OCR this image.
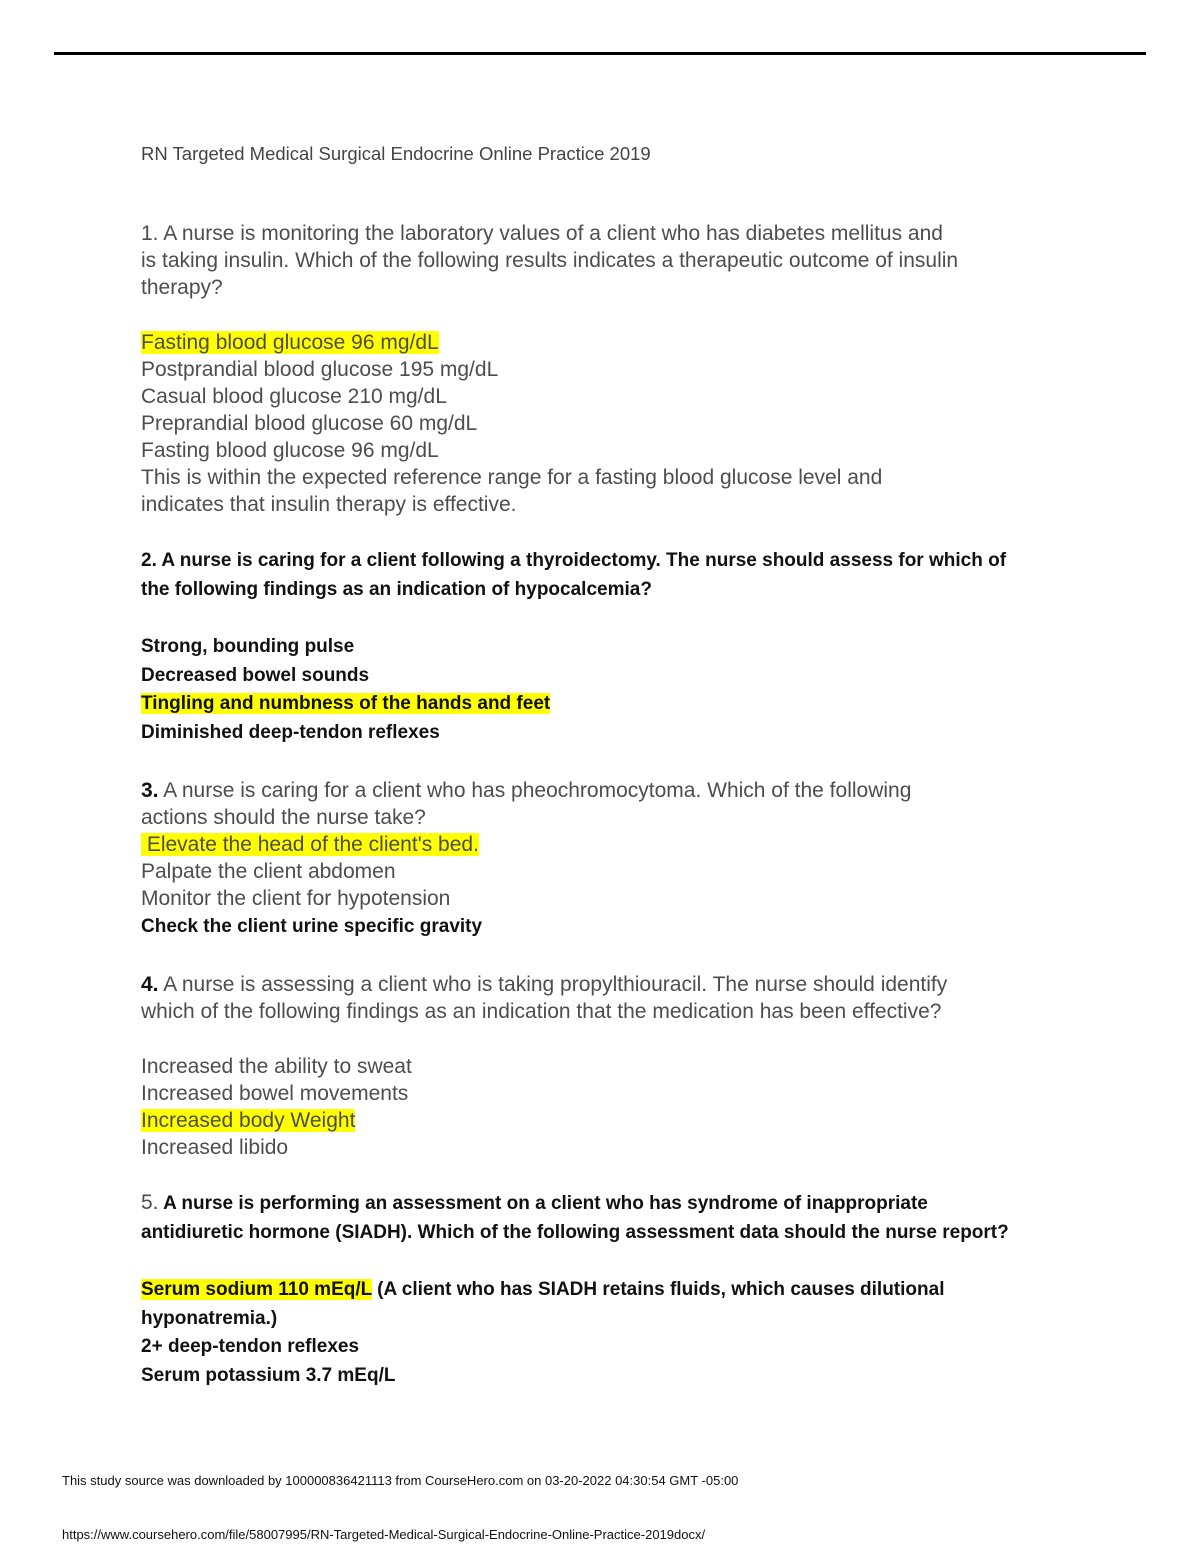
RN Targeted Medical Surgical Endocrine Online Practice 2019
1. A nurse is monitoring the laboratory values of a client who has diabetes mellitus and
is taking insulin. Which of the following results indicates a therapeutic outcome of insulin
therapy?
Fasting blood glucose 96 mg/dL
Postprandial blood glucose 195 mg/dL
Casual blood glucose 210 mg/dL
Preprandial blood glucose 60 mg/dL
Fasting blood glucose 96 mg/dL
This is within the expected reference range for a fasting blood glucose level and
indicates that insulin therapy is effective.
2. A nurse is caring for a client following a thyroidectomy. The nurse should assess for which of
the following findings as an indication of hypocalcemia?
Strong, bounding pulse
Decreased bowel sounds
Tingling and numbness of the hands and feet
Diminished deep-tendon reflexes
3. A nurse is caring for a client who has pheochromocytoma. Which of the following
actions should the nurse take?
Elevate the head of the client's bed.
Palpate the client abdomen
Monitor the client for hypotension
Check the client urine specific gravity
4. A nurse is assessing a client who is taking propylthiouracil. The nurse should identify
which of the following findings as an indication that the medication has been effective?
Increased the ability to sweat
Increased bowel movements
Increased body Weight
Increased libido
5. A nurse is performing an assessment on a client who has syndrome of inappropriate
antidiuretic hormone (SIADH). Which of the following assessment data should the nurse report?
Serum sodium 110 mEq/L (A client who has SIADH retains fluids, which causes dilutional
hyponatremia.)
2+ deep-tendon reflexes
Serum potassium 3.7 mEq/L
This study source was downloaded by 100000836421113 from CourseHero.com on 03-20-2022 04:30:54 GMT -05:00
https://www.coursehero.com/file/58007995/RN-Targeted-Medical-Surgical-Endocrine-Online-Practice-2019docx/
